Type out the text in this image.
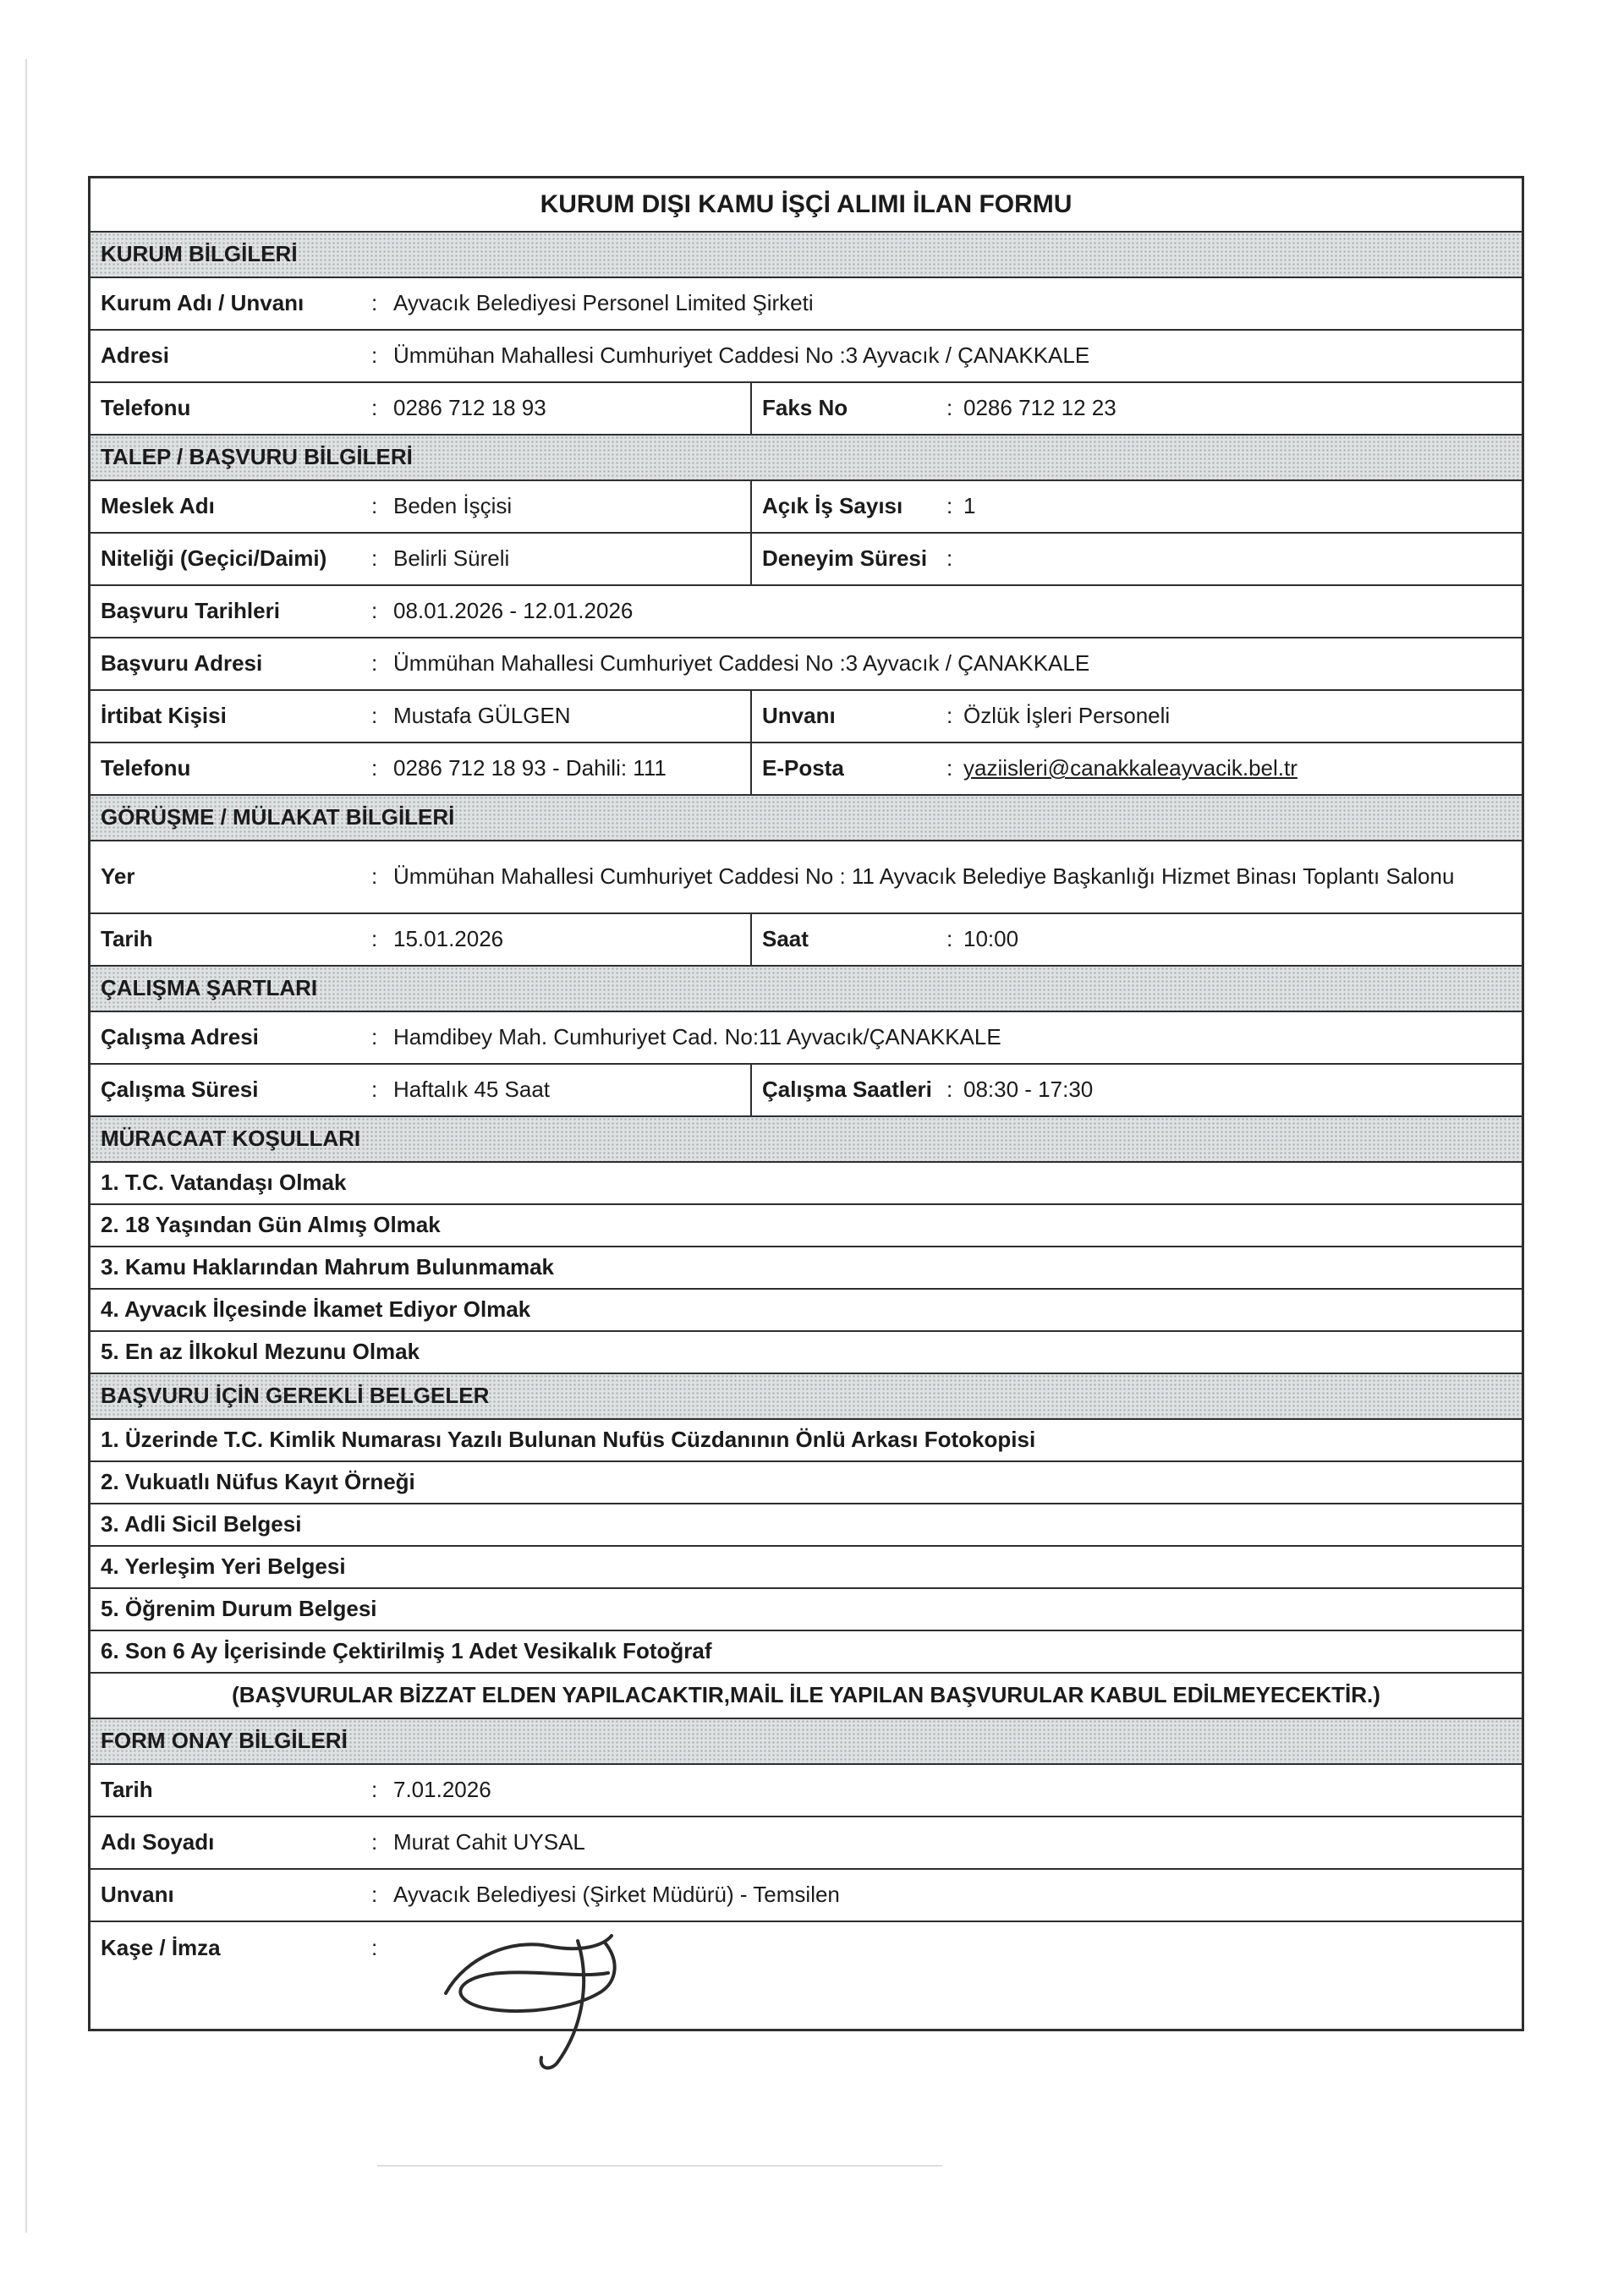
KURUM DIŞI KAMU İŞÇİ ALIMI İLAN FORMU
KURUM BİLGİLERİ
Kurum Adı / Unvanı	: Ayvacık Belediyesi Personel Limited Şirketi
Adresi	: Ümmühan Mahallesi Cumhuriyet Caddesi No :3 Ayvacık / ÇANAKKALE
Telefonu	: 0286 712 18 93	Faks No	: 0286 712 12 23
TALEP / BAŞVURU BİLGİLERİ
Meslek Adı	: Beden İşçisi	Açık İş Sayısı	: 1
Niteliği (Geçici/Daimi)	: Belirli Süreli	Deneyim Süresi :
Başvuru Tarihleri	: 08.01.2026 - 12.01.2026
Başvuru Adresi	: Ümmühan Mahallesi Cumhuriyet Caddesi No :3 Ayvacık / ÇANAKKALE
İrtibat Kişisi	: Mustafa GÜLGEN	Unvanı	: Özlük İşleri Personeli
Telefonu	: 0286 712 18 93 - Dahili: 111	E-Posta	: yaziisleri@canakkaleayvacik.bel.tr
GÖRÜŞME / MÜLAKAT BİLGİLERİ
Yer	: Ümmühan Mahallesi Cumhuriyet Caddesi No : 11 Ayvacık Belediye Başkanlığı Hizmet Binası Toplantı Salonu
Tarih	: 15.01.2026	Saat	: 10:00
ÇALIŞMA ŞARTLARI
Çalışma Adresi	: Hamdibey Mah. Cumhuriyet Cad. No:11 Ayvacık/ÇANAKKALE
Çalışma Süresi	: Haftalık 45 Saat	Çalışma Saatleri : 08:30 - 17:30
MÜRACAAT KOŞULLARI
1. T.C. Vatandaşı Olmak
2. 18 Yaşından Gün Almış Olmak
3. Kamu Haklarından Mahrum Bulunmamak
4. Ayvacık İlçesinde İkamet Ediyor Olmak
5. En az İlkokul Mezunu Olmak
BAŞVURU İÇİN GEREKLİ BELGELER
1. Üzerinde T.C. Kimlik Numarası Yazılı Bulunan Nufüs Cüzdanının Önlü Arkası Fotokopisi
2. Vukuatlı Nüfus Kayıt Örneği
3. Adli Sicil Belgesi
4. Yerleşim Yeri Belgesi
5. Öğrenim Durum Belgesi
6. Son 6 Ay İçerisinde Çektirilmiş 1 Adet Vesikalık Fotoğraf
(BAŞVURULAR BİZZAT ELDEN YAPILACAKTIR,MAİL İLE YAPILAN BAŞVURULAR KABUL EDİLMEYECEKTİR.)
FORM ONAY BİLGİLERİ
Tarih	: 7.01.2026
Adı Soyadı	: Murat Cahit UYSAL
Unvanı	: Ayvacık Belediyesi (Şirket Müdürü) - Temsilen
Kaşe / İmza	:
